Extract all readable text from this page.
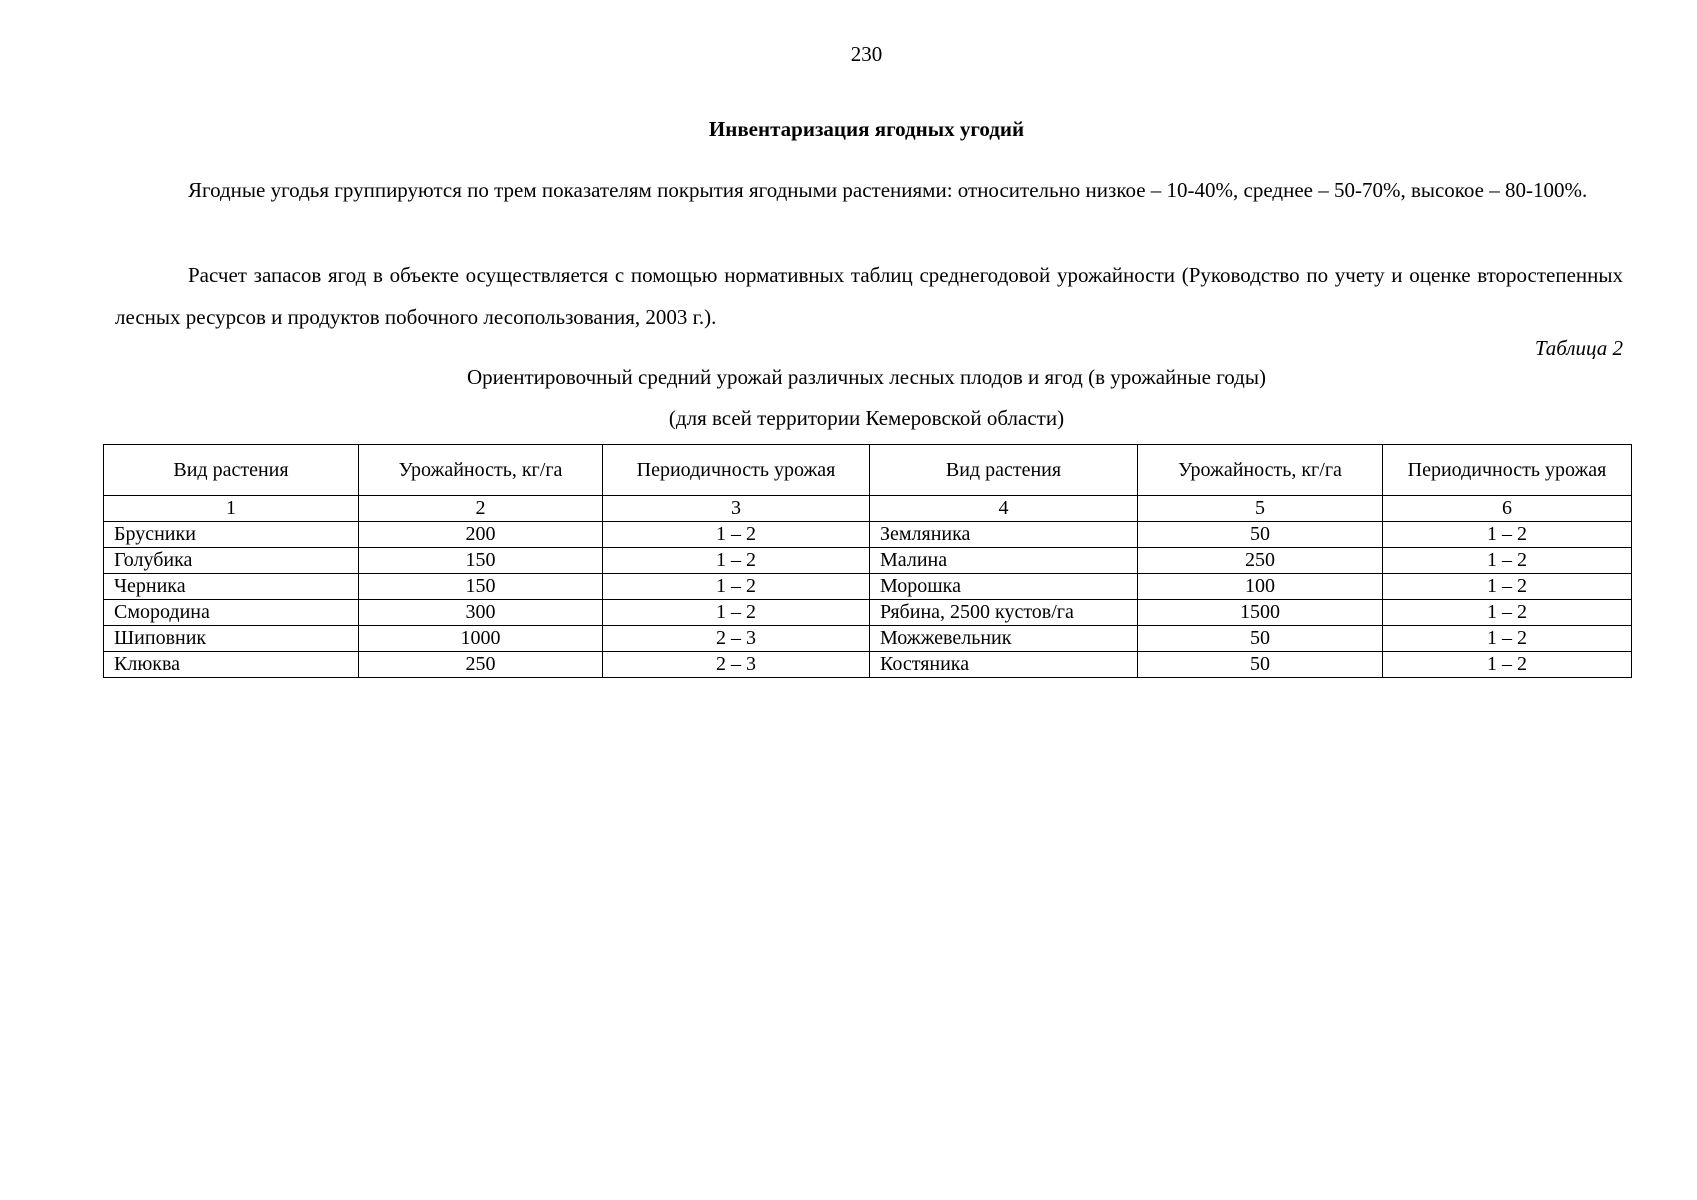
230
Инвентаризация ягодных угодий

Ягодные угодья группируются по трем показателям покрытия ягодными растениями: относительно низкое – 10-40%, среднее – 50-70%, высокое – 80-100%.

Расчет запасов ягод в объекте осуществляется с помощью нормативных таблиц среднегодовой урожайности (Руководство по учету и оценке второстепенных лесных ресурсов и продуктов побочного лесопользования, 2003 г.).

Таблица 2
Ориентировочный средний урожай различных лесных плодов и ягод (в урожайные годы)
(для всей территории Кемеровской области)
Вид растения	Урожайность, кг/га	Периодичность урожая	Вид растения	Урожайность, кг/га	Периодичность урожая
1	2	3	4	5	6
Брусники	200	1 – 2	Земляника	50	1 – 2
Голубика	150	1 – 2	Малина	250	1 – 2
Черника	150	1 – 2	Морошка	100	1 – 2
Смородина	300	1 – 2	Рябина, 2500 кустов/га	1500	1 – 2
Шиповник	1000	2 – 3	Можжевельник	50	1 – 2
Клюква	250	2 – 3	Костяника	50	1 – 2
